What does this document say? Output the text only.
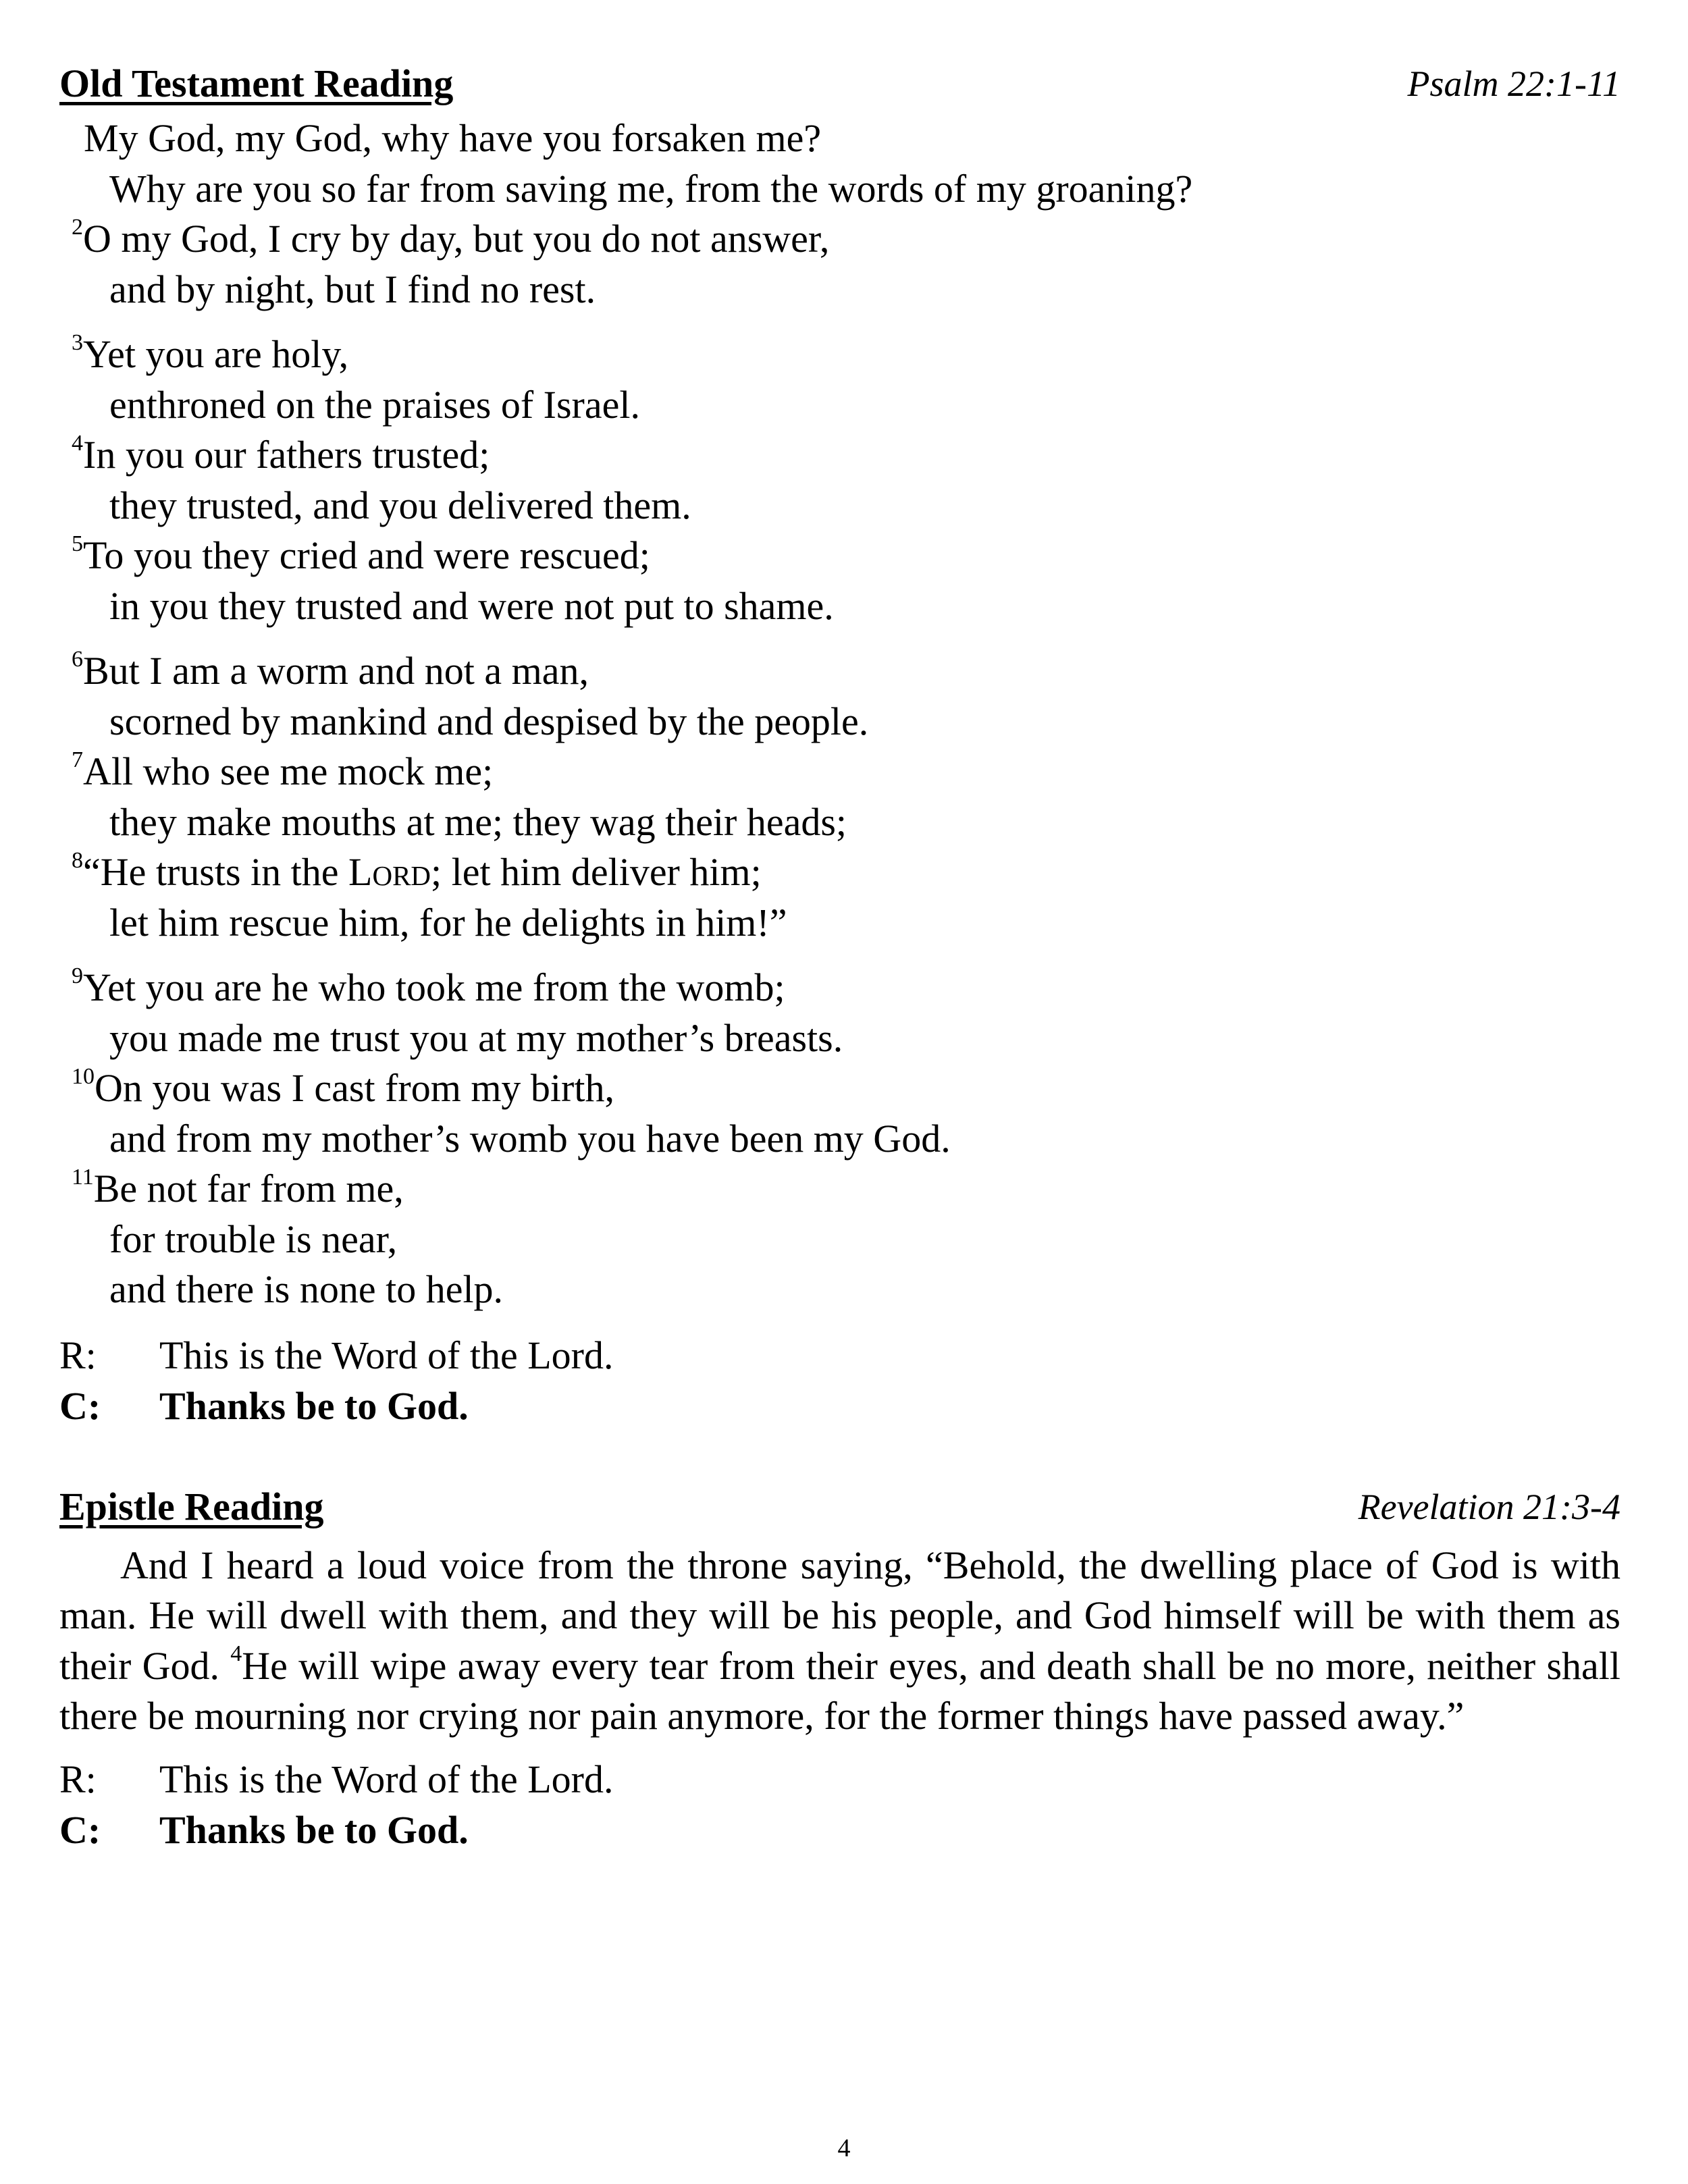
Old Testament Reading	Psalm 22:1-11
My God, my God, why have you forsaken me?
Why are you so far from saving me, from the words of my groaning?
$^2$O my God, I cry by day, but you do not answer,
and by night, but I find no rest.
$^3$Yet you are holy,
enthroned on the praises of Israel.
$^4$In you our fathers trusted;
they trusted, and you delivered them.
$^5$To you they cried and were rescued;
in you they trusted and were not put to shame.
$^6$But I am a worm and not a man,
scorned by mankind and despised by the people.
$^7$All who see me mock me;
they make mouths at me; they wag their heads;
$^8$“He trusts in the Lord; let him deliver him;
let him rescue him, for he delights in him!”
$^9$Yet you are he who took me from the womb;
you made me trust you at my mother’s breasts.
$^{10}$On you was I cast from my birth,
and from my mother’s womb you have been my God.
$^{11}$Be not far from me,
for trouble is near,
and there is none to help.
R:	This is the Word of the Lord.
C:	Thanks be to God.
Epistle Reading	Revelation 21:3-4

And I heard a loud voice from the throne saying, “Behold, the dwelling place of God is with man. He will dwell with them, and they will be his people, and God himself will be with them as their God. $^4$He will wipe away every tear from their eyes, and death shall be no more, neither shall there be mourning nor crying nor pain anymore, for the former things have passed away.”

R:	This is the Word of the Lord.
C:	Thanks be to God.
4
